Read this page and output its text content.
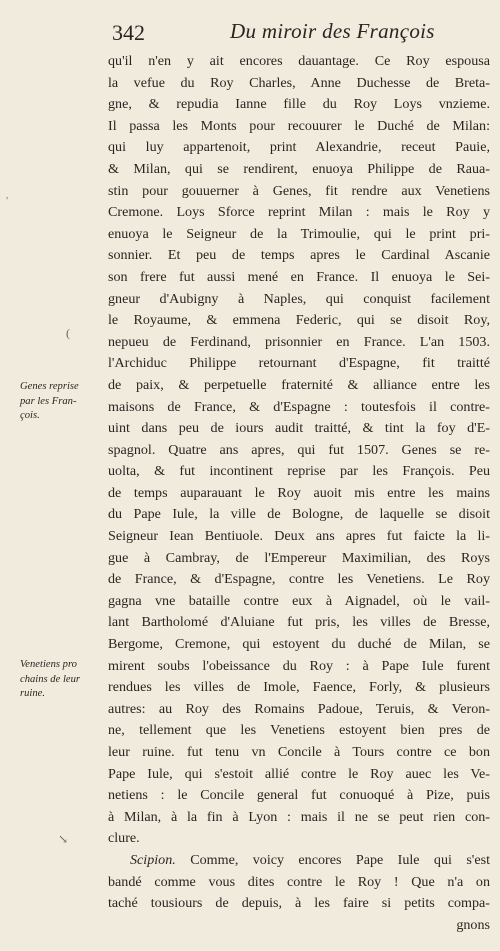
342	Du miroir des François
Genes reprise
par les Fran-
çois.
Venetiens pro
chains de leur
ruine.
(
↘
,
qu'il n'en y ait encores dauantage. Ce Roy espousa
la vefue du Roy Charles, Anne Duchesse de Breta-
gne, & repudia Ianne fille du Roy Loys vnzieme.
Il passa les Monts pour recouurer le Duché de Milan:
qui luy appartenoit, print Alexandrie, receut Pauie,
& Milan, qui se rendirent, enuoya Philippe de Raua-
stin pour gouuerner à Genes, fit rendre aux Venetiens
Cremone. Loys Sforce reprint Milan : mais le Roy y
enuoya le Seigneur de la Trimoulie, qui le print pri-
sonnier. Et peu de temps apres le Cardinal Ascanie
son frere fut aussi mené en France. Il enuoya le Sei-
gneur d'Aubigny à Naples, qui conquist facilement
le Royaume, & emmena Federic, qui se disoit Roy,
nepueu de Ferdinand, prisonnier en France. L'an 1503.
l'Archiduc Philippe retournant d'Espagne, fit traitté
de paix, & perpetuelle fraternité & alliance entre les
maisons de France, & d'Espagne : toutesfois il contre-
uint dans peu de iours audit traitté, & tint la foy d'E-
spagnol. Quatre ans apres, qui fut 1507. Genes se re-
uolta, & fut incontinent reprise par les François. Peu
de temps auparauant le Roy auoit mis entre les mains
du Pape Iule, la ville de Bologne, de laquelle se disoit
Seigneur Iean Bentiuole. Deux ans apres fut faicte la li-
gue à Cambray, de l'Empereur Maximilian, des Roys
de France, & d'Espagne, contre les Venetiens. Le Roy
gagna vne bataille contre eux à Aignadel, où le vail-
lant Bartholomé d'Aluiane fut pris, les villes de Bresse,
Bergome, Cremone, qui estoyent du duché de Milan, se
mirent soubs l'obeissance du Roy : à Pape Iule furent
rendues les villes de Imole, Faence, Forly, & plusieurs
autres: au Roy des Romains Padoue, Teruis, & Veron-
ne, tellement que les Venetiens estoyent bien pres de
leur ruine. fut tenu vn Concile à Tours contre ce bon
Pape Iule, qui s'estoit allié contre le Roy auec les Ve-
netiens : le Concile general fut conuoqué à Pize, puis
à Milan, à la fin à Lyon : mais il ne se peut rien con-
clure.
Scipion. Comme, voicy encores Pape Iule qui s'est
bandé comme vous dites contre le Roy ! Que n'a on
taché tousiours de depuis, à les faire si petits compa-
gnons
